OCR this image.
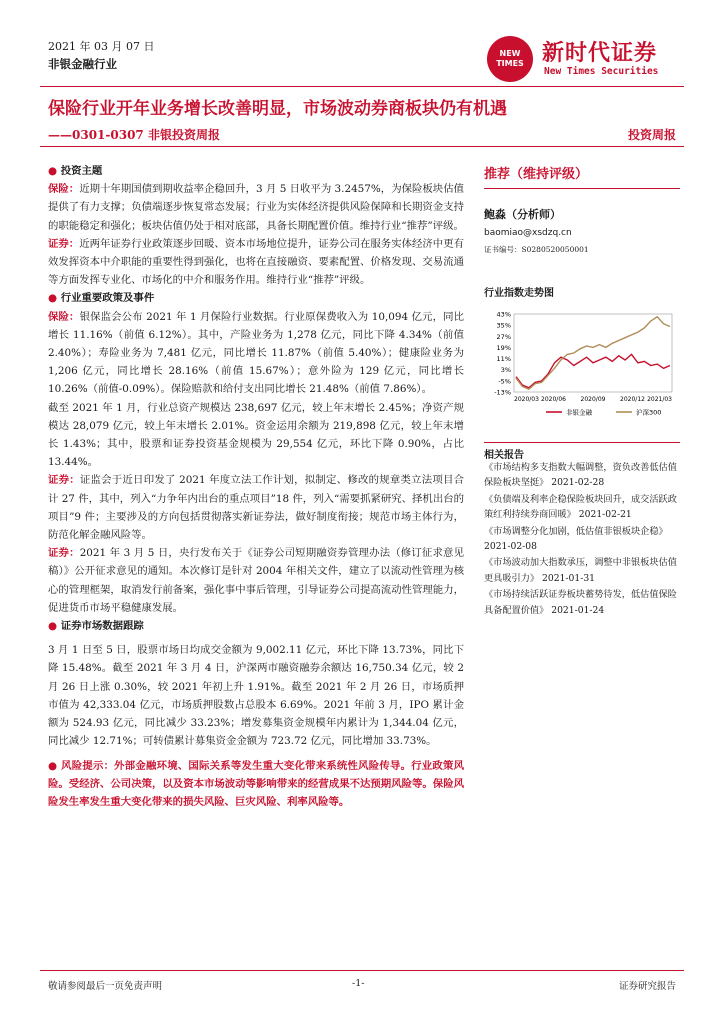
2021 年 03 月 07 日
非银金融行业
NEW TIMES 新时代证券
New Times Securities
保险行业开年业务增长改善明显，市场波动券商板块仍有机遇
——0301-0307 非银投资周报	投资周报

● 投资主题

保险：近期十年期国债到期收益率企稳回升，3 月 5 日收平为 3.2457%，为保险板块估值提供了有力支撑；负债端逐步恢复常态发展；行业为实体经济提供风险保障和长期资金支持的职能稳定和强化；板块估值仍处于相对底部，具备长期配置价值。维持行业“推荐”评级。

证券：近两年证券行业政策逐步回暖、资本市场地位提升，证券公司在服务实体经济中更有效发挥资本中介职能的重要性得到强化，也将在直接融资、要素配置、价格发现、交易流通等方面发挥专业化、市场化的中介和服务作用。维持行业“推荐”评级。

● 行业重要政策及事件

保险：银保监会公布 2021 年 1 月保险行业数据。行业原保费收入为 10,094 亿元，同比增长 11.16%（前值 6.12%）。其中，产险业务为 1,278 亿元，同比下降 4.34%（前值 2.40%）；寿险业务为 7,481 亿元，同比增长 11.87%（前值 5.40%）；健康险业务为 1,206 亿元，同比增长 28.16%（前值 15.67%）；意外险为 129 亿元，同比增长 10.26%（前值-0.09%）。保险赔款和给付支出同比增长 21.48%（前值 7.86%）。

截至 2021 年 1 月，行业总资产规模达 238,697 亿元，较上年末增长 2.45%；净资产规模达 28,079 亿元，较上年末增长 2.01%。资金运用余额为 219,898 亿元，较上年末增长 1.43%；其中，股票和证券投资基金规模为 29,554 亿元，环比下降 0.90%，占比 13.44%。

证券：证监会于近日印发了 2021 年度立法工作计划，拟制定、修改的规章类立法项目合计 27 件，其中，列入“力争年内出台的重点项目”18 件，列入“需要抓紧研究、择机出台的项目”9 件；主要涉及的方向包括贯彻落实新证券法，做好制度衔接；规范市场主体行为，防范化解金融风险等。

证券：2021 年 3 月 5 日，央行发布关于《证券公司短期融资券管理办法（修订征求意见稿）》公开征求意见的通知。本次修订是针对 2004 年相关文件，建立了以流动性管理为核心的管理框架，取消发行前备案，强化事中事后管理，引导证券公司提高流动性管理能力，促进货币市场平稳健康发展。

● 证券市场数据跟踪

3 月 1 日至 5 日，股票市场日均成交金额为 9,002.11 亿元，环比下降 13.73%，同比下降 15.48%。截至 2021 年 3 月 4 日，沪深两市融资融券余额达 16,750.34 亿元，较 2 月 26 日上涨 0.30%，较 2021 年初上升 1.91%。截至 2021 年 2 月 26 日，市场质押市值为 42,333.04 亿元，市场质押股数占总股本 6.69%。2021 年前 3 月，IPO 累计金额为 524.93 亿元，同比减少 33.23%；增发募集资金规模年内累计为 1,344.04 亿元，同比减少 12.71%；可转债累计募集资金金额为 723.72 亿元，同比增加 33.73%。

● 风险提示：外部金融环境、国际关系等发生重大变化带来系统性风险传导。行业政策风险。受经济、公司决策，以及资本市场波动等影响带来的经营成果不达预期风险等。保险风险发生率发生重大变化带来的损失风险、巨灾风险、利率风险等。

推荐（维持评级）
鲍淼（分析师）
baomiao@xsdzq.cn
证书编号：S0280520050001
行业指数走势图
43%
35%
27%
19%
11%
3%
-5%
-13%
2020/03 2020/06 2020/09 2020/12 2021/03
非银金融	沪深300
相关报告
《市场结构多支指数大幅调整，资负改善低估值保险板块坚挺》 2021-02-28
《负债端及利率企稳保险板块回升，成交活跃政策红利持续券商回暖》 2021-02-21
《市场调整分化加剧，低估值非银板块企稳》 2021-02-08
《市场波动加大指数承压，调整中非银板块估值更具吸引力》 2021-01-31
《市场持续活跃证券板块蓄势待发，低估值保险具备配置价值》 2021-01-24
敬请参阅最后一页免责声明	-1-	证券研究报告
